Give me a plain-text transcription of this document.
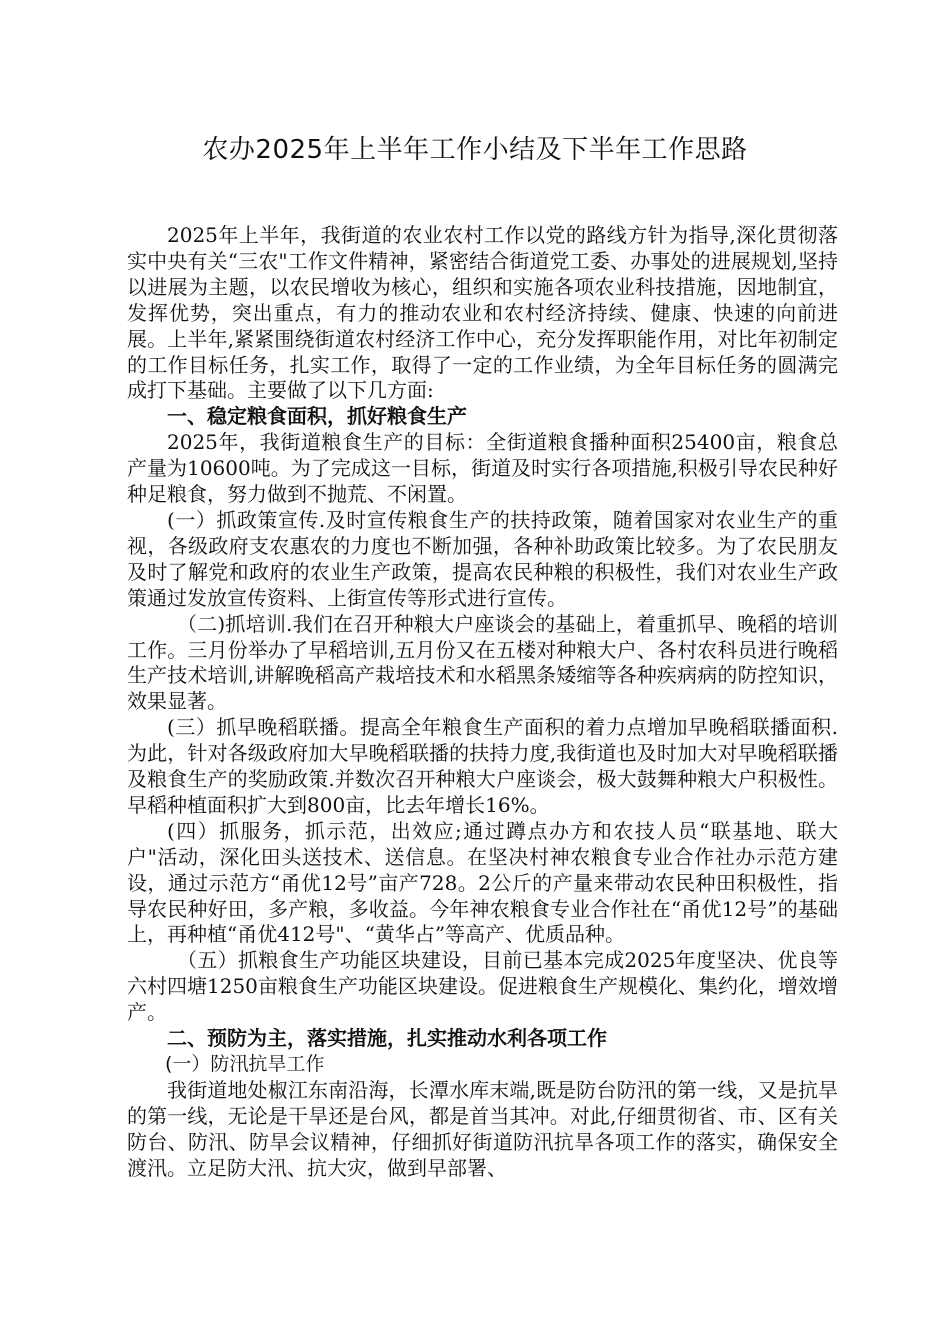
农办2025年上半年工作小结及下半年工作思路

2025年上半年，我街道的农业农村工作以党的路线方针为指导,深化贯彻落实中央有关“三农"工作文件精神，紧密结合街道党工委、办事处的进展规划,坚持以进展为主题，以农民增收为核心，组织和实施各项农业科技措施，因地制宜，发挥优势，突出重点，有力的推动农业和农村经济持续、健康、快速的向前进展。上半年,紧紧围绕街道农村经济工作中心，充分发挥职能作用，对比年初制定的工作目标任务，扎实工作，取得了一定的工作业绩，为全年目标任务的圆满完成打下基础。主要做了以下几方面:

一、稳定粮食面积，抓好粮食生产

2025年，我街道粮食生产的目标：全街道粮食播种面积25400亩，粮食总产量为10600吨。为了完成这一目标，街道及时实行各项措施,积极引导农民种好种足粮食，努力做到不抛荒、不闲置。

(一）抓政策宣传.及时宣传粮食生产的扶持政策，随着国家对农业生产的重视，各级政府支农惠农的力度也不断加强，各种补助政策比较多。为了农民朋友及时了解党和政府的农业生产政策，提高农民种粮的积极性，我们对农业生产政策通过发放宣传资料、上街宣传等形式进行宣传。

（二)抓培训.我们在召开种粮大户座谈会的基础上，着重抓早、晚稻的培训工作。三月份举办了早稻培训,五月份又在五楼对种粮大户、各村农科员进行晚稻生产技术培训,讲解晚稻高产栽培技术和水稻黑条矮缩等各种疾病病的防控知识，效果显著。

(三）抓早晚稻联播。提高全年粮食生产面积的着力点增加早晚稻联播面积.为此，针对各级政府加大早晚稻联播的扶持力度,我街道也及时加大对早晚稻联播及粮食生产的奖励政策.并数次召开种粮大户座谈会，极大鼓舞种粮大户积极性。早稻种植面积扩大到800亩，比去年增长16%。

(四）抓服务，抓示范，出效应;通过蹲点办方和农技人员“联基地、联大户"活动，深化田头送技术、送信息。在坚决村神农粮食专业合作社办示范方建设，通过示范方“甬优12号”亩产728。2公斤的产量来带动农民种田积极性，指导农民种好田，多产粮，多收益。今年神农粮食专业合作社在“甬优12号”的基础上，再种植“甬优412号"、“黄华占”等高产、优质品种。

（五）抓粮食生产功能区块建设，目前已基本完成2025年度坚决、优良等六村四塘1250亩粮食生产功能区块建设。促进粮食生产规模化、集约化，增效增产。

二、预防为主，落实措施，扎实推动水利各项工作
(一）防汛抗旱工作

我街道地处椒江东南沿海，长潭水库末端,既是防台防汛的第一线，又是抗旱的第一线，无论是干旱还是台风，都是首当其冲。对此,仔细贯彻省、市、区有关防台、防汛、防旱会议精神，仔细抓好街道防汛抗旱各项工作的落实，确保安全渡汛。立足防大汛、抗大灾，做到早部署、
